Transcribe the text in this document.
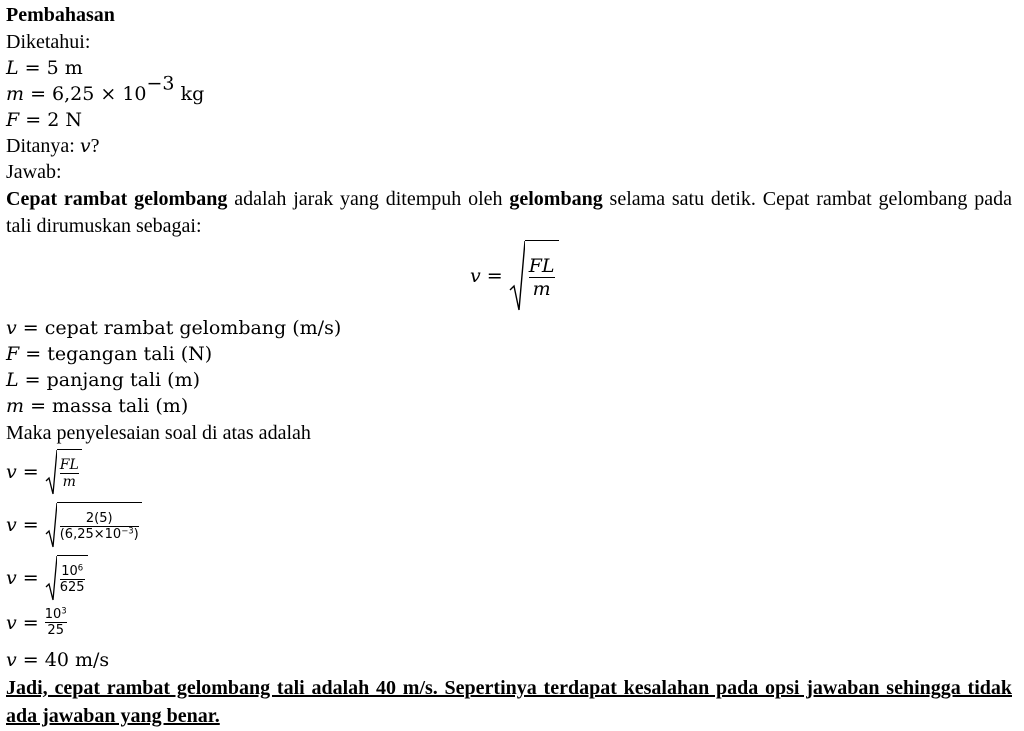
Pembahasan
Diketahui:
L = 5 m
$m = 6,25 \times 10^{-3}$ kg
F = 2 N
Ditanya: v?
Jawab:
Cepat rambat gelombang adalah jarak yang ditempuh oleh gelombang selama satu detik. Cepat rambat gelombang pada tali dirumuskan sebagai:
$v = \frac{FL}{m}$
v = cepat rambat gelombang (m/s)
F = tegangan tali (N)
L = panjang tali (m)
m = massa tali (m)
Maka penyelesaian soal di atas adalah
$v = \frac{FL}{m}$
$v = \frac{2(5)}{(6,25\times 10^{-3})}$
$v = \frac{10^6}{625}$
$v = \frac{10^3}{25}$
v = 40 m/s
Jadi, cepat rambat gelombang tali adalah 40 m/s. Sepertinya terdapat kesalahan pada opsi jawaban sehingga tidak ada jawaban yang benar.
